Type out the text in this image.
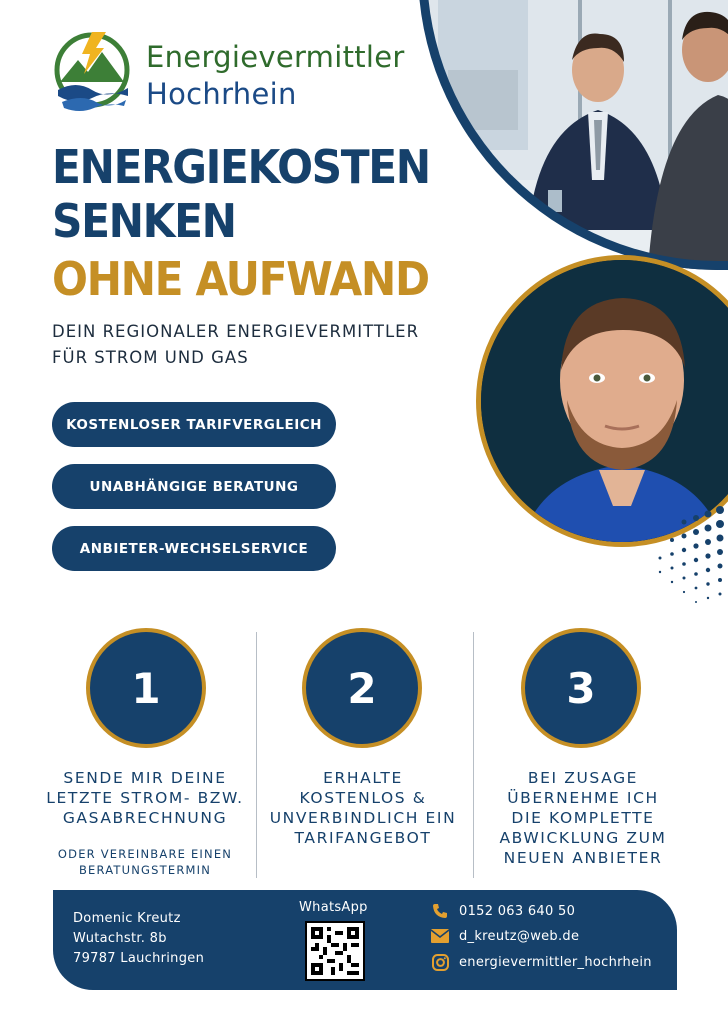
Energievermittler
Hochrhein
ENERGIEKOSTEN
SENKEN
OHNE AUFWAND
DEIN REGIONALER ENERGIEVERMITTLER
FÜR STROM UND GAS
KOSTENLOSER TARIFVERGLEICH
UNABHÄNGIGE BERATUNG
ANBIETER-WECHSELSERVICE
1	2	3
SENDE MIR DEINE
LETZTE STROM- BZW.
GASABRECHNUNG
ODER VEREINBARE EINEN
BERATUNGSTERMIN
ERHALTE
KOSTENLOS &
UNVERBINDLICH EIN
TARIFANGEBOT
BEI ZUSAGE
ÜBERNEHME ICH
DIE KOMPLETTE
ABWICKLUNG ZUM
NEUEN ANBIETER
Domenic Kreutz
Wutachstr. 8b
79787 Lauchringen
WhatsApp	0152 063 640 50
d_kreutz@web.de
energievermittler_hochrhein
